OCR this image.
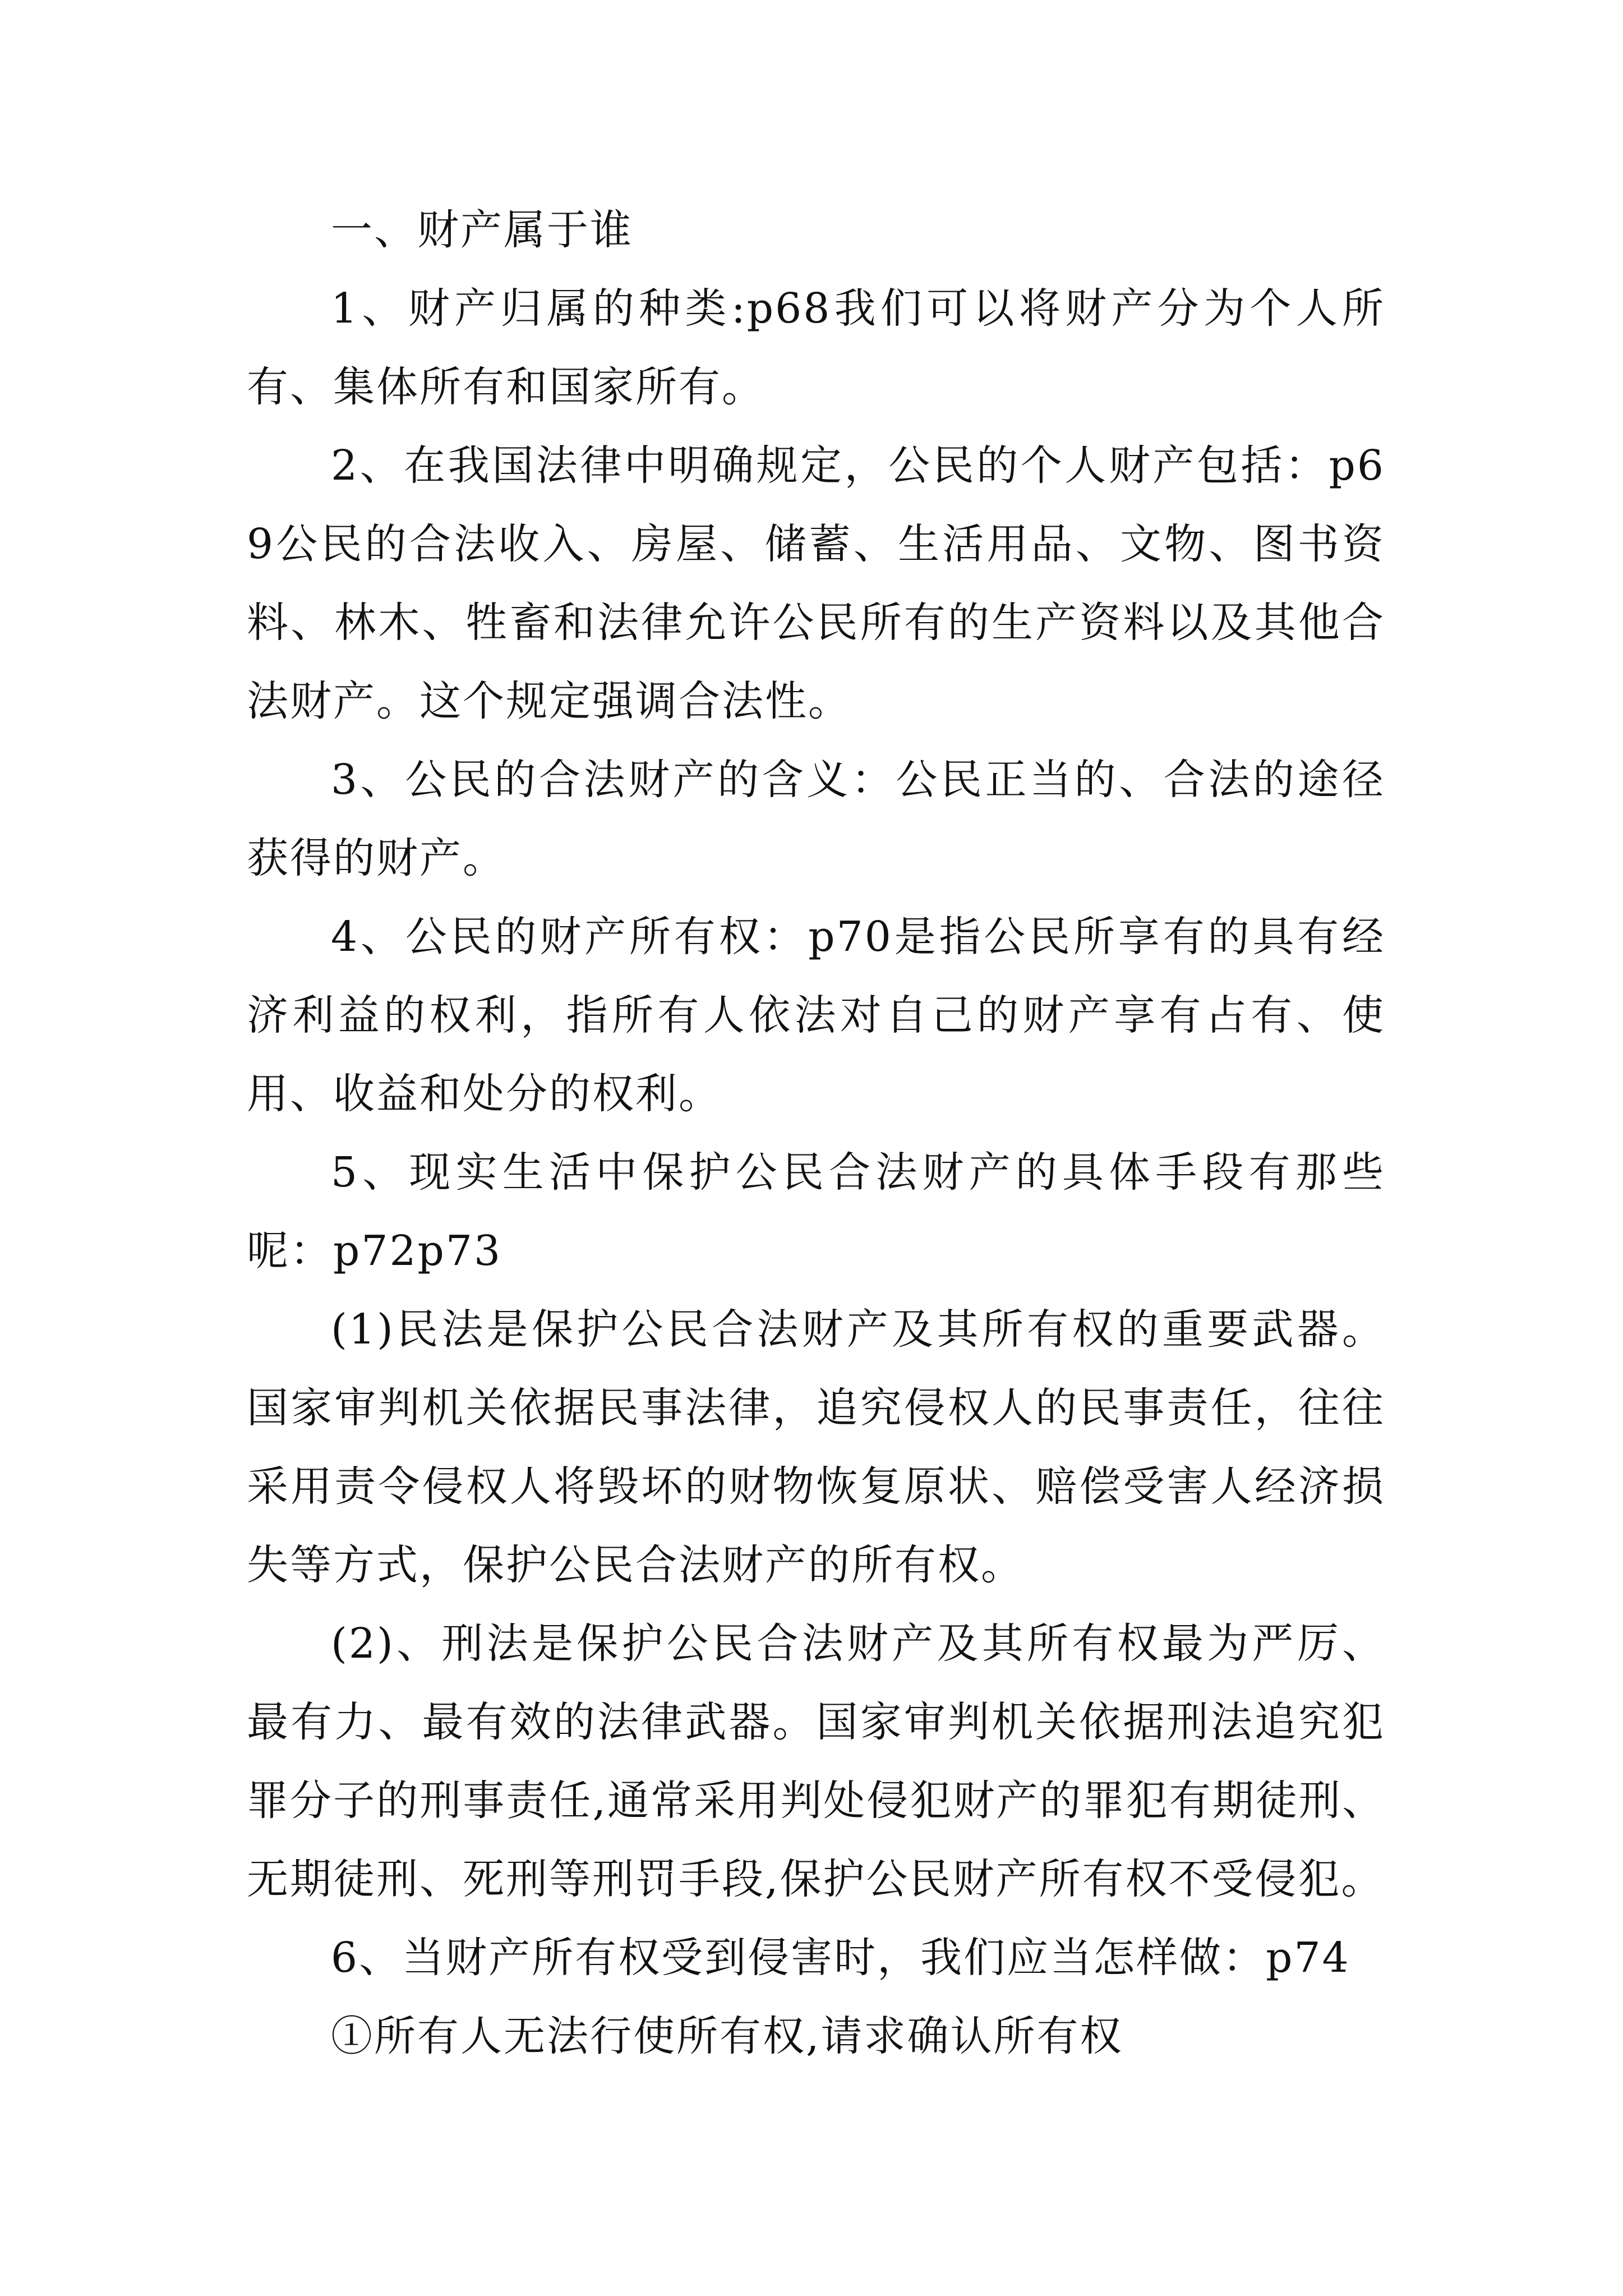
一、财产属于谁

1、财产归属的种类:p68我们可以将财产分为个人所有、集体所有和国家所有。

2、在我国法律中明确规定，公民的个人财产包括：p69公民的合法收入、房屋、储蓄、生活用品、文物、图书资料、林木、牲畜和法律允许公民所有的生产资料以及其他合法财产。这个规定强调合法性。

3、公民的合法财产的含义：公民正当的、合法的途径获得的财产。

4、公民的财产所有权：p70是指公民所享有的具有经济利益的权利，指所有人依法对自己的财产享有占有、使用、收益和处分的权利。

5、现实生活中保护公民合法财产的具体手段有那些呢：p72p73

(1)民法是保护公民合法财产及其所有权的重要武器。国家审判机关依据民事法律，追究侵权人的民事责任，往往采用责令侵权人将毁坏的财物恢复原状、赔偿受害人经济损失等方式，保护公民合法财产的所有权。

(2)、刑法是保护公民合法财产及其所有权最为严厉、最有力、最有效的法律武器。国家审判机关依据刑法追究犯罪分子的刑事责任,通常采用判处侵犯财产的罪犯有期徒刑、无期徒刑、死刑等刑罚手段,保护公民财产所有权不受侵犯。

6、当财产所有权受到侵害时，我们应当怎样做：p74

①所有人无法行使所有权,请求确认所有权
